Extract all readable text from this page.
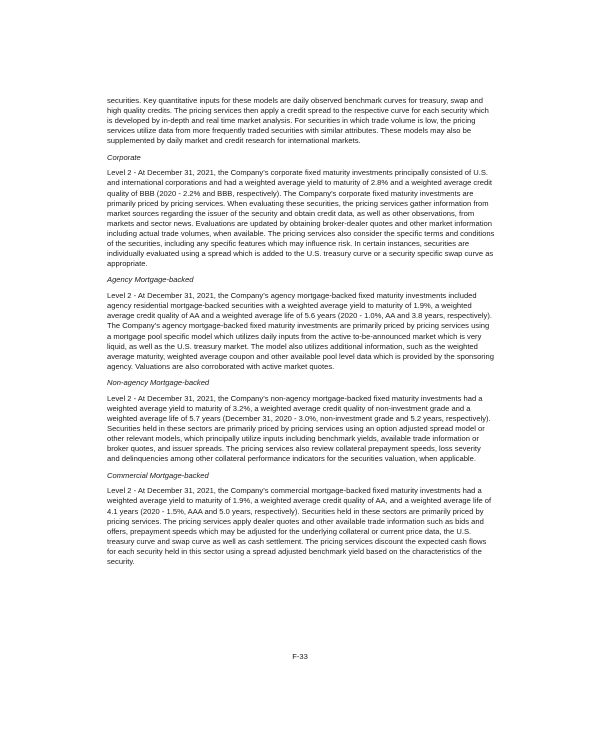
securities. Key quantitative inputs for these models are daily observed benchmark curves for treasury, swap and high quality credits. The pricing services then apply a credit spread to the respective curve for each security which is developed by in-depth and real time market analysis. For securities in which trade volume is low, the pricing services utilize data from more frequently traded securities with similar attributes. These models may also be supplemented by daily market and credit research for international markets.

Corporate

Level 2 - At December 31, 2021, the Company’s corporate fixed maturity investments principally consisted of U.S. and international corporations and had a weighted average yield to maturity of 2.8% and a weighted average credit quality of BBB (2020 - 2.2% and BBB, respectively). The Company’s corporate fixed maturity investments are primarily priced by pricing services. When evaluating these securities, the pricing services gather information from market sources regarding the issuer of the security and obtain credit data, as well as other observations, from markets and sector news. Evaluations are updated by obtaining broker-dealer quotes and other market information including actual trade volumes, when available. The pricing services also consider the specific terms and conditions of the securities, including any specific features which may influence risk. In certain instances, securities are individually evaluated using a spread which is added to the U.S. treasury curve or a security specific swap curve as appropriate.

Agency Mortgage-backed

Level 2 - At December 31, 2021, the Company’s agency mortgage-backed fixed maturity investments included agency residential mortgage-backed securities with a weighted average yield to maturity of 1.9%, a weighted average credit quality of AA and a weighted average life of 5.6 years (2020 - 1.0%, AA and 3.8 years, respectively). The Company’s agency mortgage-backed fixed maturity investments are primarily priced by pricing services using a mortgage pool specific model which utilizes daily inputs from the active to-be-announced market which is very liquid, as well as the U.S. treasury market. The model also utilizes additional information, such as the weighted average maturity, weighted average coupon and other available pool level data which is provided by the sponsoring agency. Valuations are also corroborated with active market quotes.

Non-agency Mortgage-backed

Level 2 - At December 31, 2021, the Company’s non-agency mortgage-backed fixed maturity investments had a weighted average yield to maturity of 3.2%, a weighted average credit quality of non-investment grade and a weighted average life of 5.7 years (December 31, 2020 - 3.0%, non-investment grade and 5.2 years, respectively). Securities held in these sectors are primarily priced by pricing services using an option adjusted spread model or other relevant models, which principally utilize inputs including benchmark yields, available trade information or broker quotes, and issuer spreads. The pricing services also review collateral prepayment speeds, loss severity and delinquencies among other collateral performance indicators for the securities valuation, when applicable.

Commercial Mortgage-backed

Level 2 - At December 31, 2021, the Company’s commercial mortgage-backed fixed maturity investments had a weighted average yield to maturity of 1.9%, a weighted average credit quality of AA, and a weighted average life of 4.1 years (2020 - 1.5%, AAA and 5.0 years, respectively). Securities held in these sectors are primarily priced by pricing services. The pricing services apply dealer quotes and other available trade information such as bids and offers, prepayment speeds which may be adjusted for the underlying collateral or current price data, the U.S. treasury curve and swap curve as well as cash settlement. The pricing services discount the expected cash flows for each security held in this sector using a spread adjusted benchmark yield based on the characteristics of the security.

F-33
